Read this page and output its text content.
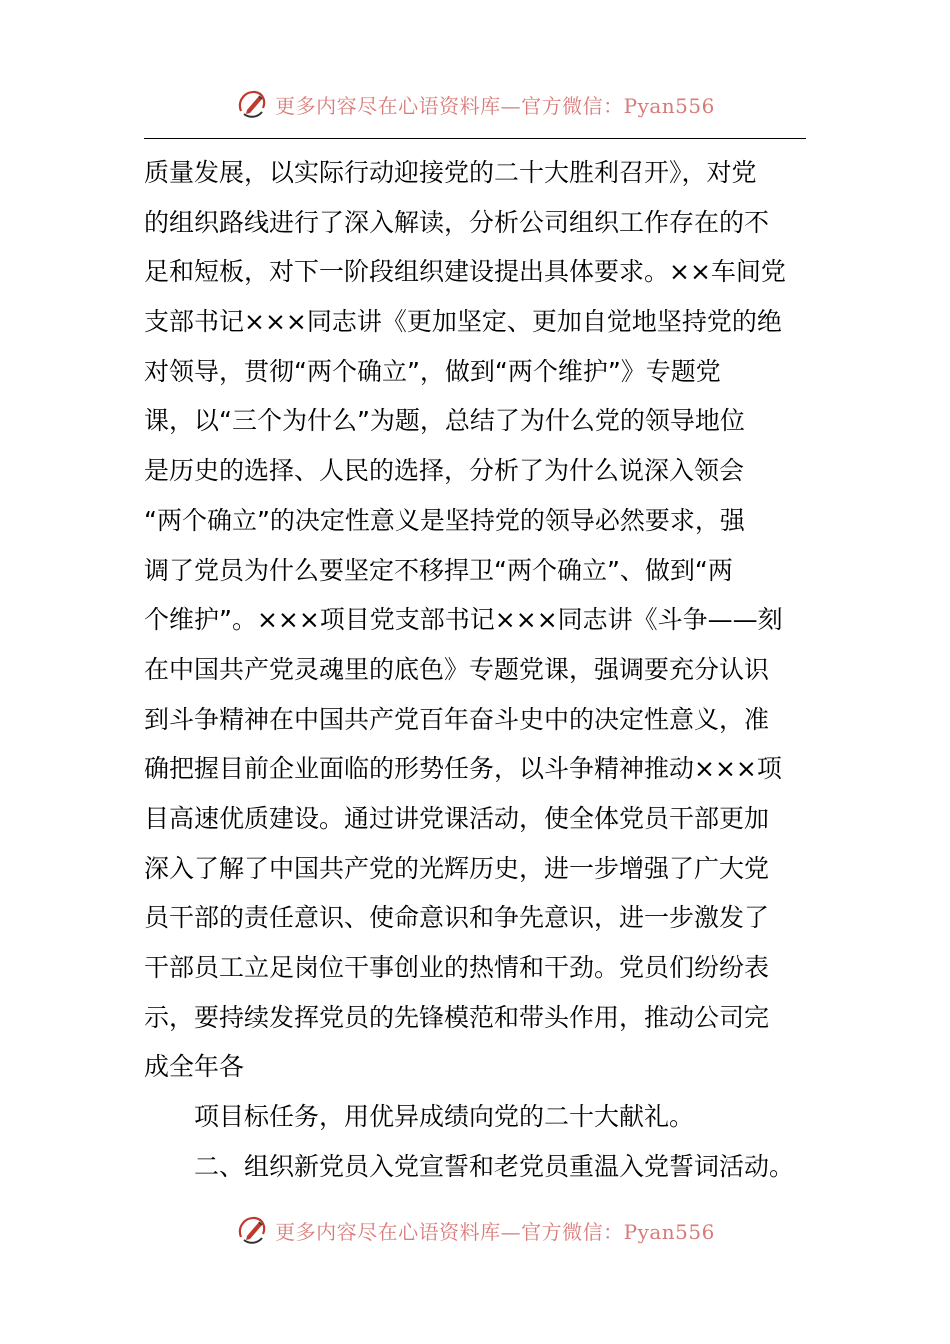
更多内容尽在心语资料库—官方微信：Pyan556
质量发展，以实际行动迎接党的二十大胜利召开》，对党
的组织路线进行了深入解读，分析公司组织工作存在的不
足和短板，对下一阶段组织建设提出具体要求。××车间党
支部书记×××同志讲《更加坚定、更加自觉地坚持党的绝
对领导，贯彻“两个确立”，做到“两个维护”》专题党
课，以“三个为什么”为题，总结了为什么党的领导地位
是历史的选择、人民的选择，分析了为什么说深入领会
“两个确立”的决定性意义是坚持党的领导必然要求，强
调了党员为什么要坚定不移捍卫“两个确立”、做到“两
个维护”。×××项目党支部书记×××同志讲《斗争——刻
在中国共产党灵魂里的底色》专题党课，强调要充分认识
到斗争精神在中国共产党百年奋斗史中的决定性意义，准
确把握目前企业面临的形势任务，以斗争精神推动×××项
目高速优质建设。通过讲党课活动，使全体党员干部更加
深入了解了中国共产党的光辉历史，进一步增强了广大党
员干部的责任意识、使命意识和争先意识，进一步激发了
干部员工立足岗位干事创业的热情和干劲。党员们纷纷表
示，要持续发挥党员的先锋模范和带头作用，推动公司完
成全年各
项目标任务，用优异成绩向党的二十大献礼。
二、组织新党员入党宣誓和老党员重温入党誓词活动。
更多内容尽在心语资料库—官方微信：Pyan556
